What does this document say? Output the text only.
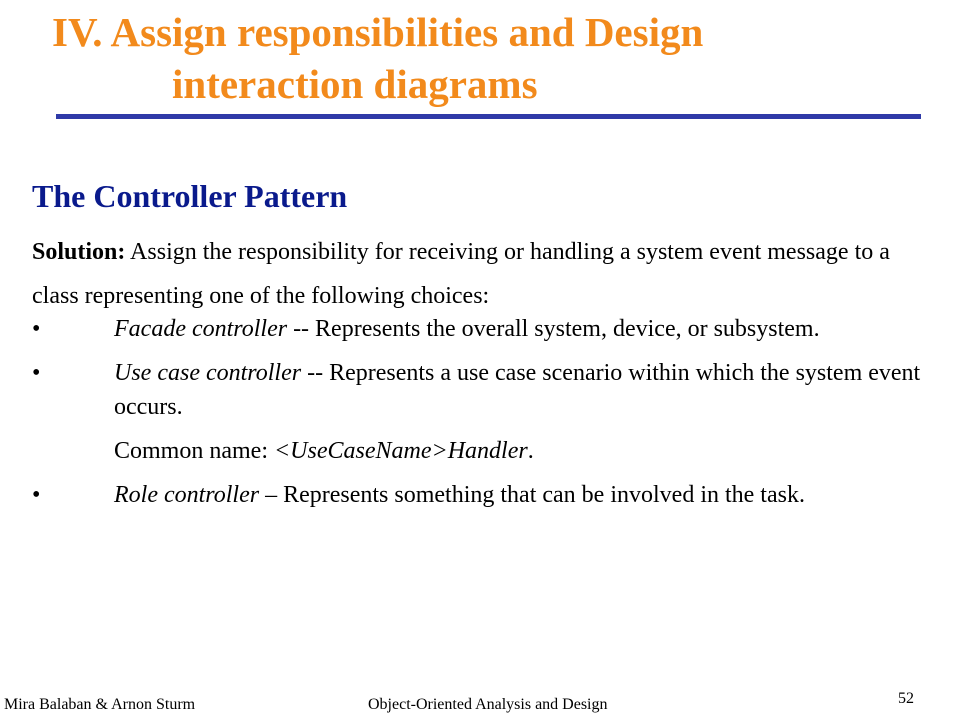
IV. Assign responsibilities and Design
interaction diagrams
The Controller Pattern
Solution: Assign the responsibility for receiving or handling a system event message to a class representing one of the following choices:
•	Facade controller -- Represents the overall system, device, or subsystem.
•	Use case controller -- Represents a use case scenario within which the system event occurs.
Common name: <UseCaseName>Handler.
•	Role controller – Represents something that can be involved in the task.
Mira Balaban & Arnon Sturm	Object-Oriented Analysis and Design	52
